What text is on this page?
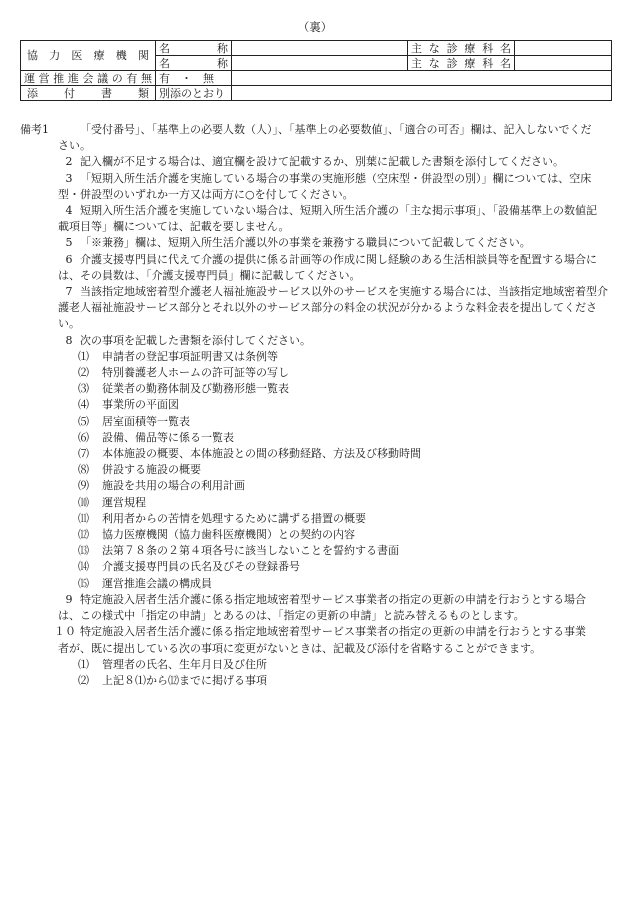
（裏）
協力医療機関	名称		主な診療科名	
	名称		主な診療科名	
運営推進会議の有無	有　・　無			
添付書類	別添のとおり			
備考1	「受付番号」、「基準上の必要人数（人）」、「基準上の必要数値」、「適合の可否」欄は、記入しないでくだ
さい。
2 記入欄が不足する場合は、適宜欄を設けて記載するか、別葉に記載した書類を添付してください。
3 「短期入所生活介護を実施している場合の事業の実施形態（空床型・併設型の別）」欄については、空床
型・併設型のいずれか一方又は両方に○を付してください。
4 短期入所生活介護を実施していない場合は、短期入所生活介護の「主な掲示事項」、「設備基準上の数値記
載項目等」欄については、記載を要しません。
5 「※兼務」欄は、短期入所生活介護以外の事業を兼務する職員について記載してください。
6 介護支援専門員に代えて介護の提供に係る計画等の作成に関し経験のある生活相談員等を配置する場合に
は、その員数は、「介護支援専門員」欄に記載してください。
7 当該指定地域密着型介護老人福祉施設サービス以外のサービスを実施する場合には、当該指定地域密着型介
護老人福祉施設サービス部分とそれ以外のサービス部分の料金の状況が分かるような料金表を提出してくださ
い。
8 次の事項を記載した書類を添付してください。
⑴	申請者の登記事項証明書又は条例等
⑵	特別養護老人ホームの許可証等の写し
⑶	従業者の勤務体制及び勤務形態一覧表
⑷	事業所の平面図
⑸	居室面積等一覧表
⑹	設備、備品等に係る一覧表
⑺	本体施設の概要、本体施設との間の移動経路、方法及び移動時間
⑻	併設する施設の概要
⑼	施設を共用の場合の利用計画
⑽	運営規程
⑾	利用者からの苦情を処理するために講ずる措置の概要
⑿	協力医療機関（協力歯科医療機関）との契約の内容
⒀	法第７８条の２第４項各号に該当しないことを誓約する書面
⒁	介護支援専門員の氏名及びその登録番号
⒂	運営推進会議の構成員
9 特定施設入居者生活介護に係る指定地域密着型サービス事業者の指定の更新の申請を行おうとする場合
は、この様式中「指定の申請」とあるのは、「指定の更新の申請」と読み替えるものとします。
１０ 特定施設入居者生活介護に係る指定地域密着型サービス事業者の指定の更新の申請を行おうとする事業
者が、既に提出している次の事項に変更がないときは、記載及び添付を省略することができます。
⑴	管理者の氏名、生年月日及び住所
⑵	上記８⑴から⑿までに掲げる事項
